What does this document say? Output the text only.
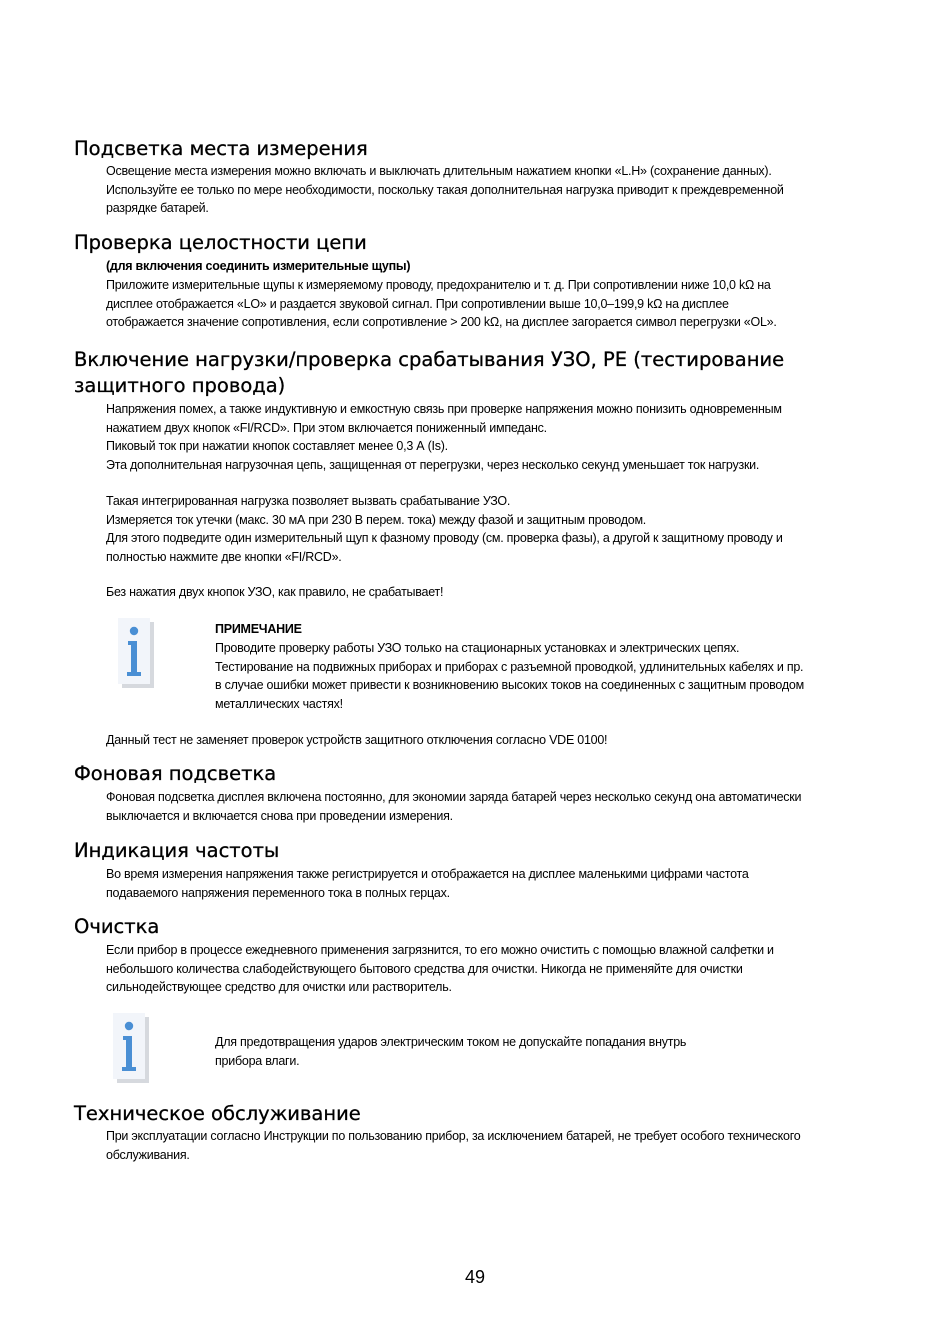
Подсветка места измерения
Освещение места измерения можно включать и выключать длительным нажатием кнопки «L.H» (сохранение данных).
Используйте ее только по мере необходимости, поскольку такая дополнительная нагрузка приводит к преждевременной
разрядке батарей.
Проверка целостности цепи
(для включения соединить измерительные щупы)
Приложите измерительные щупы к измеряемому проводу, предохранителю и т. д. При сопротивлении ниже 10,0 kΩ на
дисплее отображается «LO» и раздается звуковой сигнал. При сопротивлении выше 10,0–199,9 kΩ на дисплее
отображается значение сопротивления, если сопротивление > 200 kΩ, на дисплее загорается символ перегрузки «OL».
Включение нагрузки/проверка срабатывания УЗО, PE (тестирование
защитного провода)
Напряжения помех, а также индуктивную и емкостную связь при проверке напряжения можно понизить одновременным
нажатием двух кнопок «FI/RCD». При этом включается пониженный импеданс.
Пиковый ток при нажатии кнопок составляет менее 0,3 А (Is).
Эта дополнительная нагрузочная цепь, защищенная от перегрузки, через несколько секунд уменьшает ток нагрузки.
Такая интегрированная нагрузка позволяет вызвать срабатывание УЗО.
Измеряется ток утечки (макс. 30 мА при 230 В перем. тока) между фазой и защитным проводом.
Для этого подведите один измерительный щуп к фазному проводу (см. проверка фазы), а другой к защитному проводу и
полностью нажмите две кнопки «FI/RCD».
Без нажатия двух кнопок УЗО, как правило, не срабатывает!
ПРИМЕЧАНИЕ
Проводите проверку работы УЗО только на стационарных установках и электрических цепях.
Тестирование на подвижных приборах и приборах с разъемной проводкой, удлинительных кабелях и пр.
в случае ошибки может привести к возникновению высоких токов на соединенных с защитным проводом
металлических частях!
Данный тест не заменяет проверок устройств защитного отключения согласно VDE 0100!
Фоновая подсветка
Фоновая подсветка дисплея включена постоянно, для экономии заряда батарей через несколько секунд она автоматически
выключается и включается снова при проведении измерения.
Индикация частоты
Во время измерения напряжения также регистрируется и отображается на дисплее маленькими цифрами частота
подаваемого напряжения переменного тока в полных герцах.
Очистка
Если прибор в процессе ежедневного применения загрязнится, то его можно очистить с помощью влажной салфетки и
небольшого количества слабодействующего бытового средства для очистки. Никогда не применяйте для очистки
сильнодействующее средство для очистки или растворитель.
Для предотвращения ударов электрическим током не допускайте попадания внутрь
прибора влаги.
Техническое обслуживание
При эксплуатации согласно Инструкции по пользованию прибор, за исключением батарей, не требует особого технического
обслуживания.
49
